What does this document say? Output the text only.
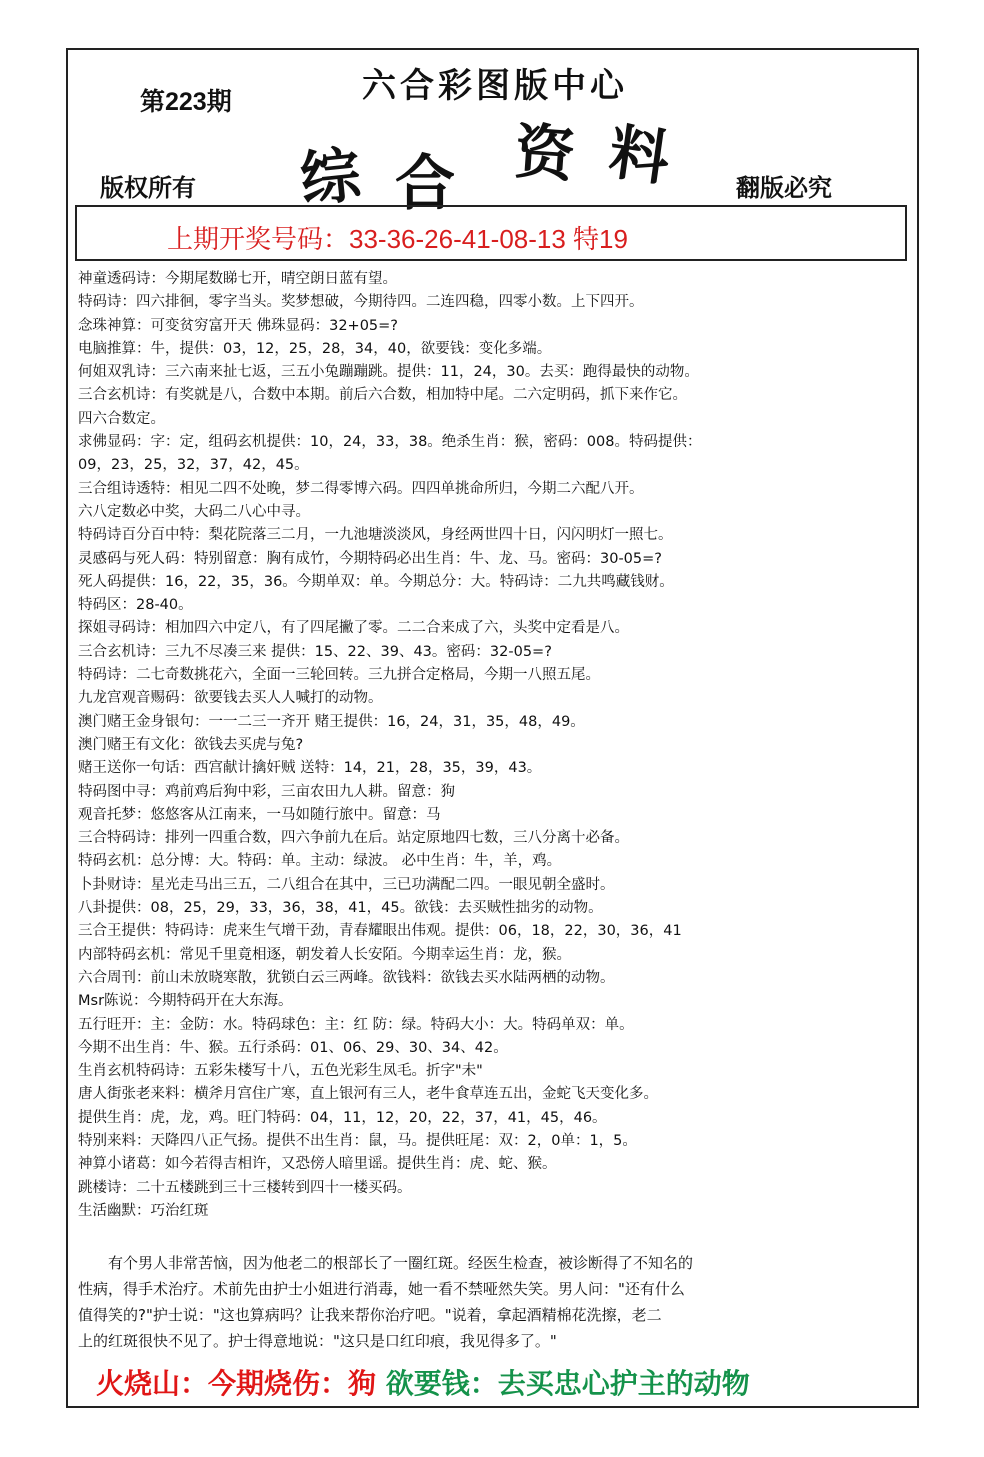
第223期	六合彩图版中心
综 合 资 料
版权所有	翻版必究
上期开奖号码：33-36-26-41-08-13 特19
神童透码诗：今期尾数睇七开，晴空朗日蓝有望。
特码诗：四六排徊，零字当头。奖梦想破，今期待四。二连四稳，四零小数。上下四开。
念珠神算：可变贫穷富开天 佛珠显码：32+05=?
电脑推算：牛，提供：03，12，25，28，34，40，欲要钱：变化多端。
何姐双乳诗：三六南来扯七返，三五小兔蹦蹦跳。提供：11，24，30。去买：跑得最快的动物。
三合玄机诗：有奖就是八，合数中本期。前后六合数，相加特中尾。二六定明码，抓下来作它。
四六合数定。
求佛显码：字：定，组码玄机提供：10，24，33，38。绝杀生肖：猴，密码：008。特码提供：
09，23，25，32，37，42，45。
三合组诗透特：相见二四不处晚，梦二得零博六码。四四单挑命所归，今期二六配八开。
六八定数必中奖，大码二八心中寻。
特码诗百分百中特：梨花院落三二月，一九池塘淡淡风，身经两世四十日，闪闪明灯一照七。
灵感码与死人码：特别留意：胸有成竹，今期特码必出生肖：牛、龙、马。密码：30-05=?
死人码提供：16，22，35，36。今期单双：单。今期总分：大。特码诗：二九共鸣藏钱财。
特码区：28-40。
探姐寻码诗：相加四六中定八，有了四尾撇了零。二二合来成了六，头奖中定看是八。
三合玄机诗：三九不尽凑三来 提供：15、22、39、43。密码：32-05=?
特码诗：二七奇数挑花六，全面一三轮回转。三九拼合定格局，今期一八照五尾。
九龙宫观音赐码：欲要钱去买人人喊打的动物。
澳门赌王金身银句：一一二三一齐开 赌王提供：16，24，31，35，48，49。
澳门赌王有文化：欲钱去买虎与兔?
赌王送你一句话：西宫献计擒奸贼 送特：14，21，28，35，39，43。
特码图中寻：鸡前鸡后狗中彩，三亩农田九人耕。留意：狗
观音托梦：悠悠客从江南来，一马如随行旅中。留意：马
三合特码诗：排列一四重合数，四六争前九在后。站定原地四七数，三八分离十必备。
特码玄机：总分博：大。特码：单。主动：绿波。 必中生肖：牛，羊，鸡。
卜卦财诗：星光走马出三五，二八组合在其中，三已功满配二四。一眼见朝全盛时。
八卦提供：08，25，29，33，36，38，41，45。欲钱：去买贼性拙劣的动物。
三合王提供：特码诗：虎来生气增干劲，青春耀眼出伟观。提供：06，18，22，30，36，41
内部特码玄机：常见千里竟相逐，朝发着人长安陌。今期幸运生肖：龙，猴。
六合周刊：前山未放晓寒散，犹锁白云三两峰。欲钱料：欲钱去买水陆两栖的动物。
Msr陈说：今期特码开在大东海。
五行旺开：主：金防：水。特码球色：主：红 防：绿。特码大小：大。特码单双：单。
今期不出生肖：牛、猴。五行杀码：01、06、29、30、34、42。
生肖玄机特码诗：五彩朱楼写十八，五色光彩生凤毛。折字"未"
唐人街张老来料：横斧月宫住广寒，直上银河有三人，老牛食草连五出，金蛇飞天变化多。
提供生肖：虎，龙，鸡。旺门特码：04，11，12，20，22，37，41，45，46。
特别来料：天降四八正气扬。提供不出生肖：鼠，马。提供旺尾：双：2，0单：1，5。
神算小诸葛：如今若得吉相许，又恐傍人暗里谣。提供生肖：虎、蛇、猴。
跳楼诗：二十五楼跳到三十三楼转到四十一楼买码。
生活幽默：巧治红斑

　　有个男人非常苦恼，因为他老二的根部长了一圈红斑。经医生检查，被诊断得了不知名的

性病，得手术治疗。术前先由护士小姐进行消毒，她一看不禁哑然失笑。男人问："还有什么

值得笑的?"护士说："这也算病吗？让我来帮你治疗吧。"说着，拿起酒精棉花洗擦，老二

上的红斑很快不见了。护士得意地说："这只是口红印痕，我见得多了。"

火烧山：今期烧伤：狗 欲要钱：去买忠心护主的动物
